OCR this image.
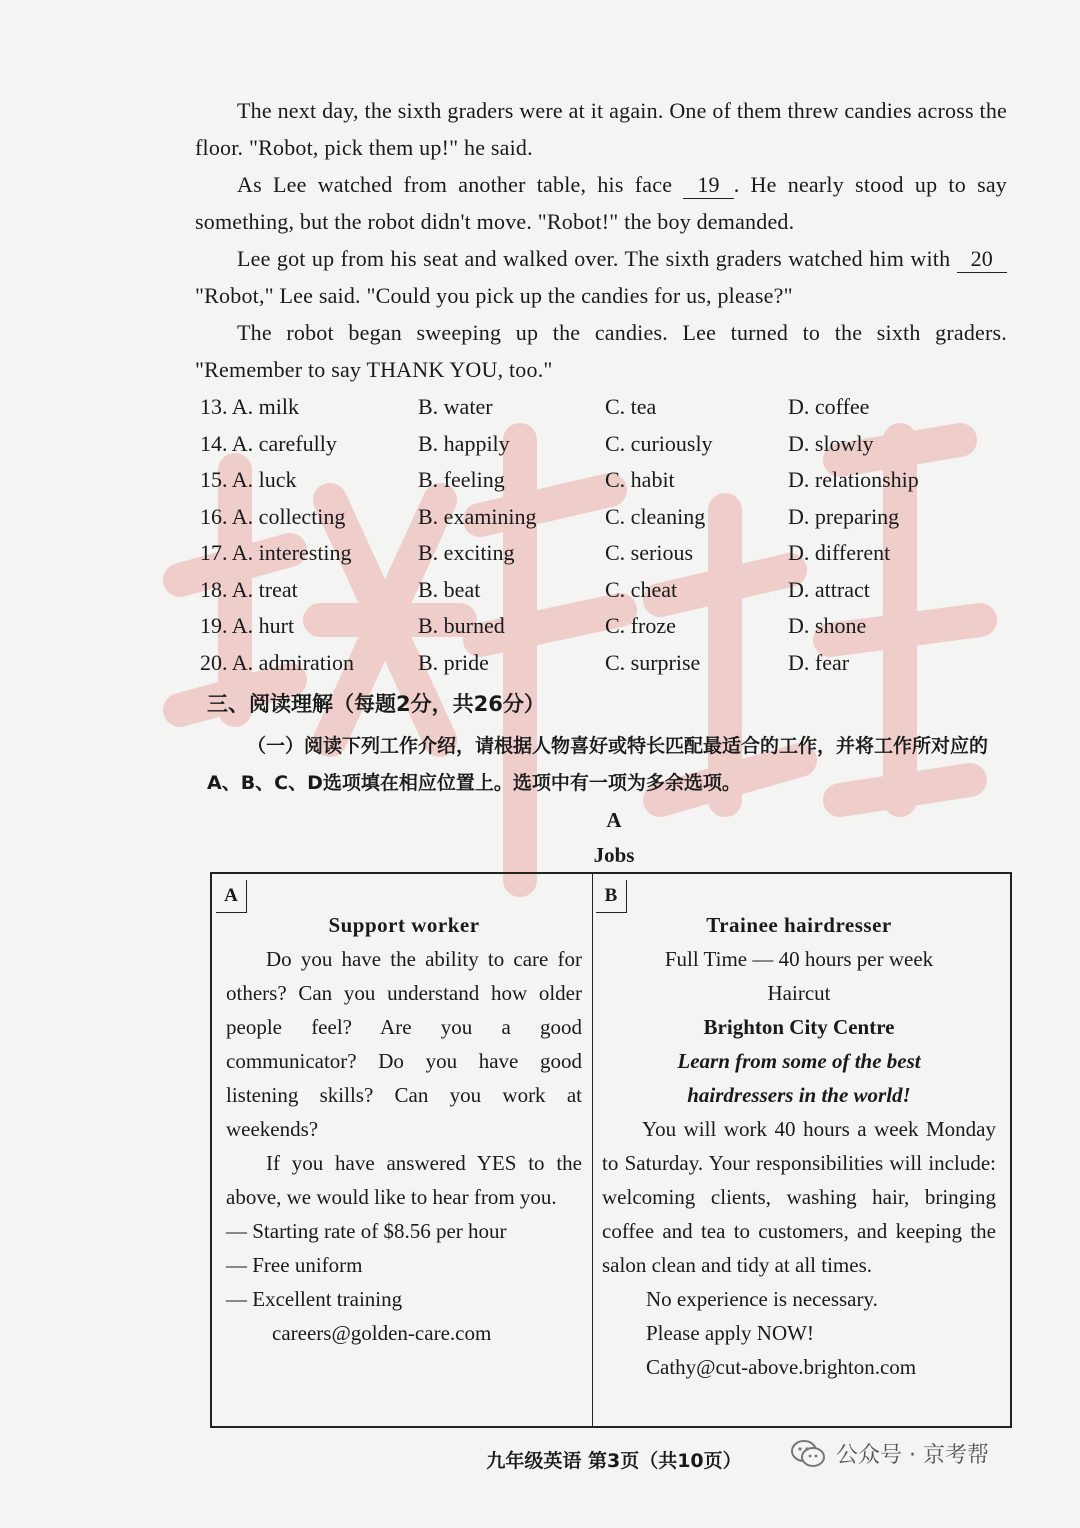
The next day, the sixth graders were at it again. One of them threw candies across the floor. "Robot, pick them up!" he said.

As Lee watched from another table, his face 19 . He nearly stood up to say something, but the robot didn't move. "Robot!" the boy demanded.

Lee got up from his seat and walked over. The sixth graders watched him with 20 "Robot," Lee said. "Could you pick up the candies for us, please?"

The robot began sweeping up the candies. Lee turned to the sixth graders. "Remember to say THANK YOU, too."

13. A. milk	B. water	C. tea	D. coffee
14. A. carefully	B. happily	C. curiously	D. slowly
15. A. luck	B. feeling	C. habit	D. relationship
16. A. collecting	B. examining	C. cleaning	D. preparing
17. A. interesting	B. exciting	C. serious	D. different
18. A. treat	B. beat	C. cheat	D. attract
19. A. hurt	B. burned	C. froze	D. shone
20. A. admiration	B. pride	C. surprise	D. fear
三、阅读理解（每题2分，共26分）

（一）阅读下列工作介绍，请根据人物喜好或特长匹配最适合的工作，并将工作所对应的A、B、C、D选项填在相应位置上。选项中有一项为多余选项。

A
Jobs
A	B
Support worker

Do you have the ability to care for others? Can you understand how older people feel? Are you a good communicator? Do you have good listening skills? Can you work at weekends?

If you have answered YES to the above, we would like to hear from you.

— Starting rate of $8.56 per hour

— Free uniform

— Excellent training

careers@golden-care.com

Trainee hairdresser

Full Time — 40 hours per week

Haircut

Brighton City Centre

Learn from some of the best

hairdressers in the world!

You will work 40 hours a week Monday to Saturday. Your responsibilities will include: welcoming clients, washing hair, bringing coffee and tea to customers, and keeping the salon clean and tidy at all times.

No experience is necessary.

Please apply NOW!

Cathy@cut-above.brighton.com

九年级英语 第3页（共10页）	公众号 · 京考帮
